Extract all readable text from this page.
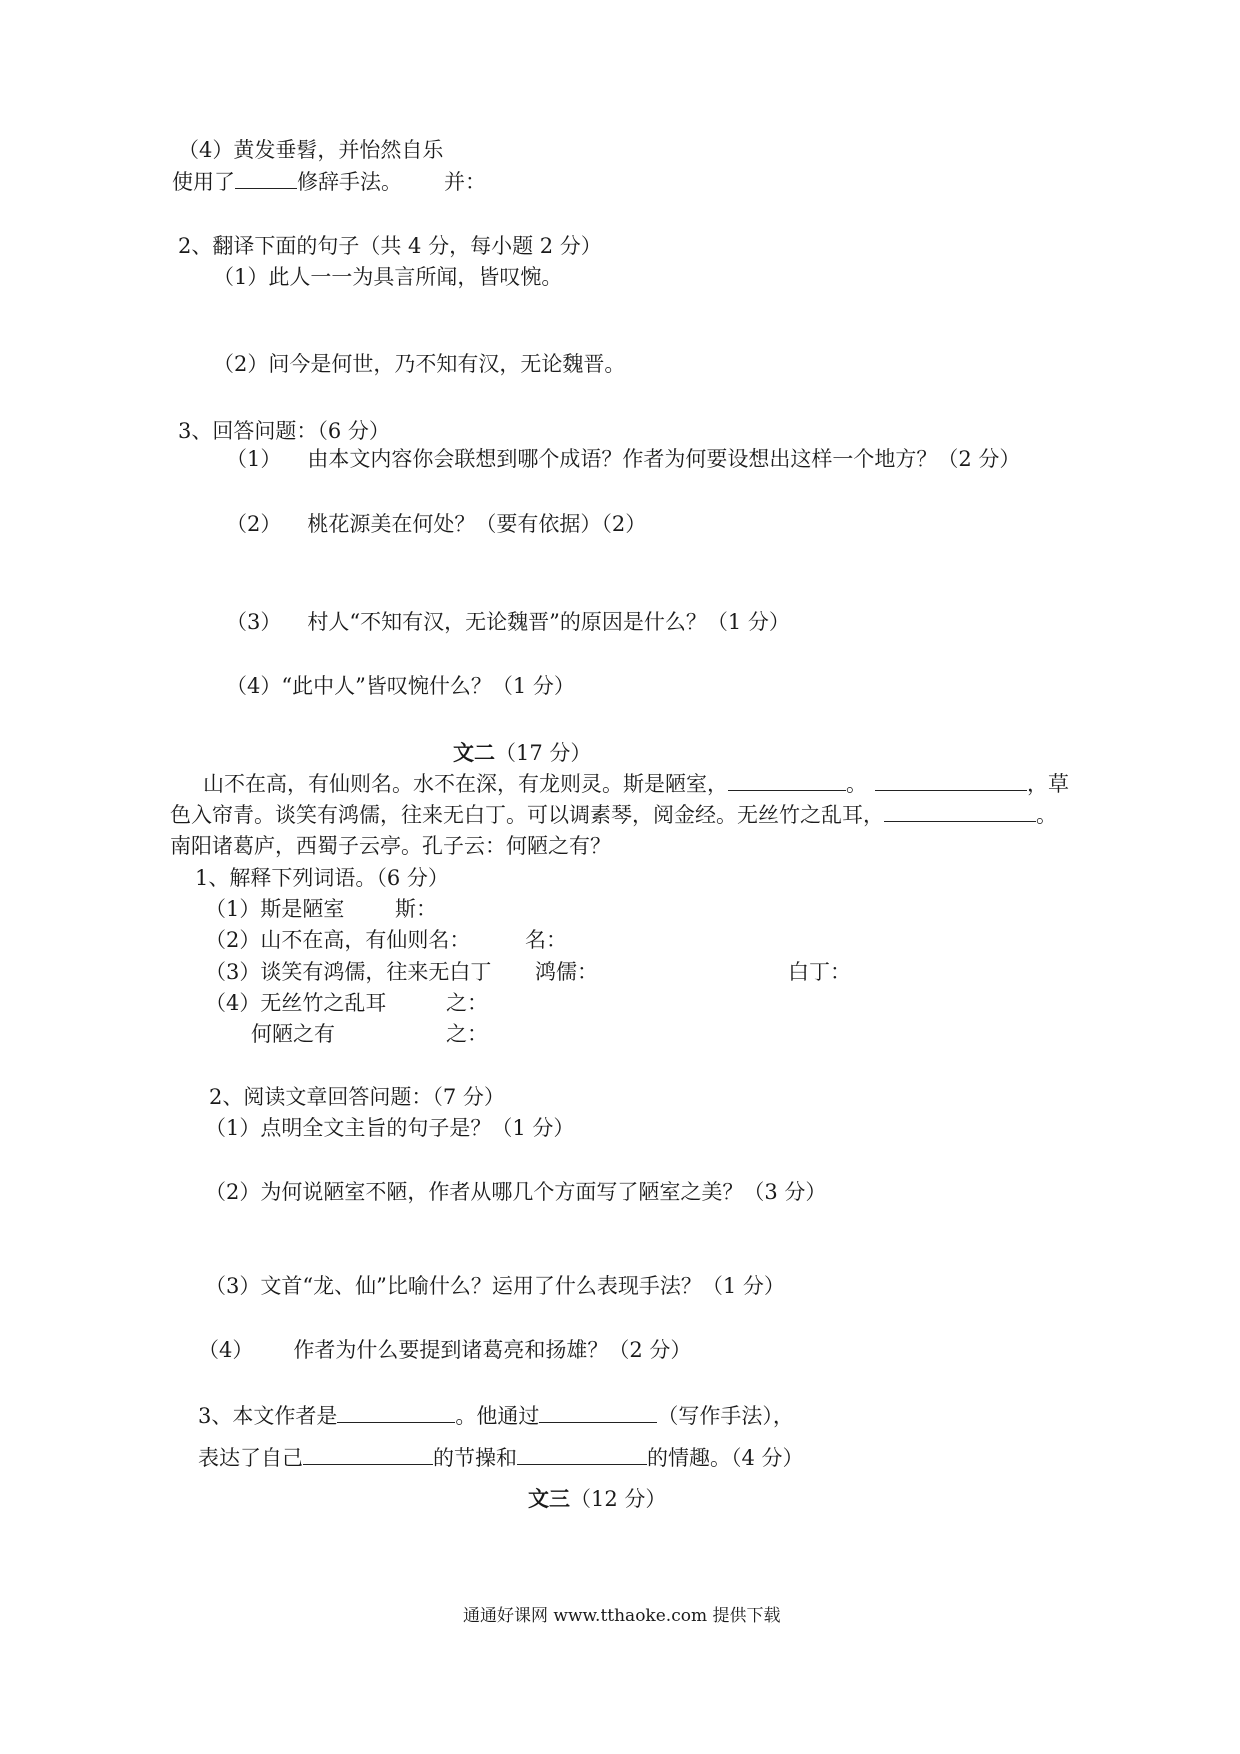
（4）黄发垂髫，并怡然自乐
使用了	修辞手法。 并：
2、翻译下面的句子（共 4 分，每小题 2 分）
（1）此人一一为具言所闻，皆叹惋。
（2）问今是何世，乃不知有汉，无论魏晋。
3、回答问题：（6 分）
（1） 由本文内容你会联想到哪个成语？作者为何要设想出这样一个地方？（2 分）
（2） 桃花源美在何处？（要有依据）（2）
（3） 村人“不知有汉，无论魏晋”的原因是什么？（1 分）
（4）“此中人”皆叹惋什么？（1 分）
文二（17 分）
山不在高，有仙则名。水不在深，有龙则灵。斯是陋室，	。	，草
色入帘青。谈笑有鸿儒，往来无白丁。可以调素琴，阅金经。无丝竹之乱耳，	。
南阳诸葛庐，西蜀子云亭。孔子云：何陋之有？
1、解释下列词语。（6 分）
（1）斯是陋室 斯：
（2）山不在高，有仙则名：	名：
（3）谈笑有鸿儒，往来无白丁 鸿儒：	白丁：
（4）无丝竹之乱耳	之：
何陋之有	之：
2、阅读文章回答问题：（7 分）
（1）点明全文主旨的句子是？（1 分）
（2）为何说陋室不陋，作者从哪几个方面写了陋室之美？（3 分）
（3）文首“龙、仙”比喻什么？运用了什么表现手法？（1 分）
（4） 作者为什么要提到诸葛亮和扬雄？（2 分）
3、本文作者是	。他通过	（写作手法），
表达了自己	的节操和	的情趣。（4 分）
文三（12 分）
通通好课网 www.tthaoke.com 提供下载
